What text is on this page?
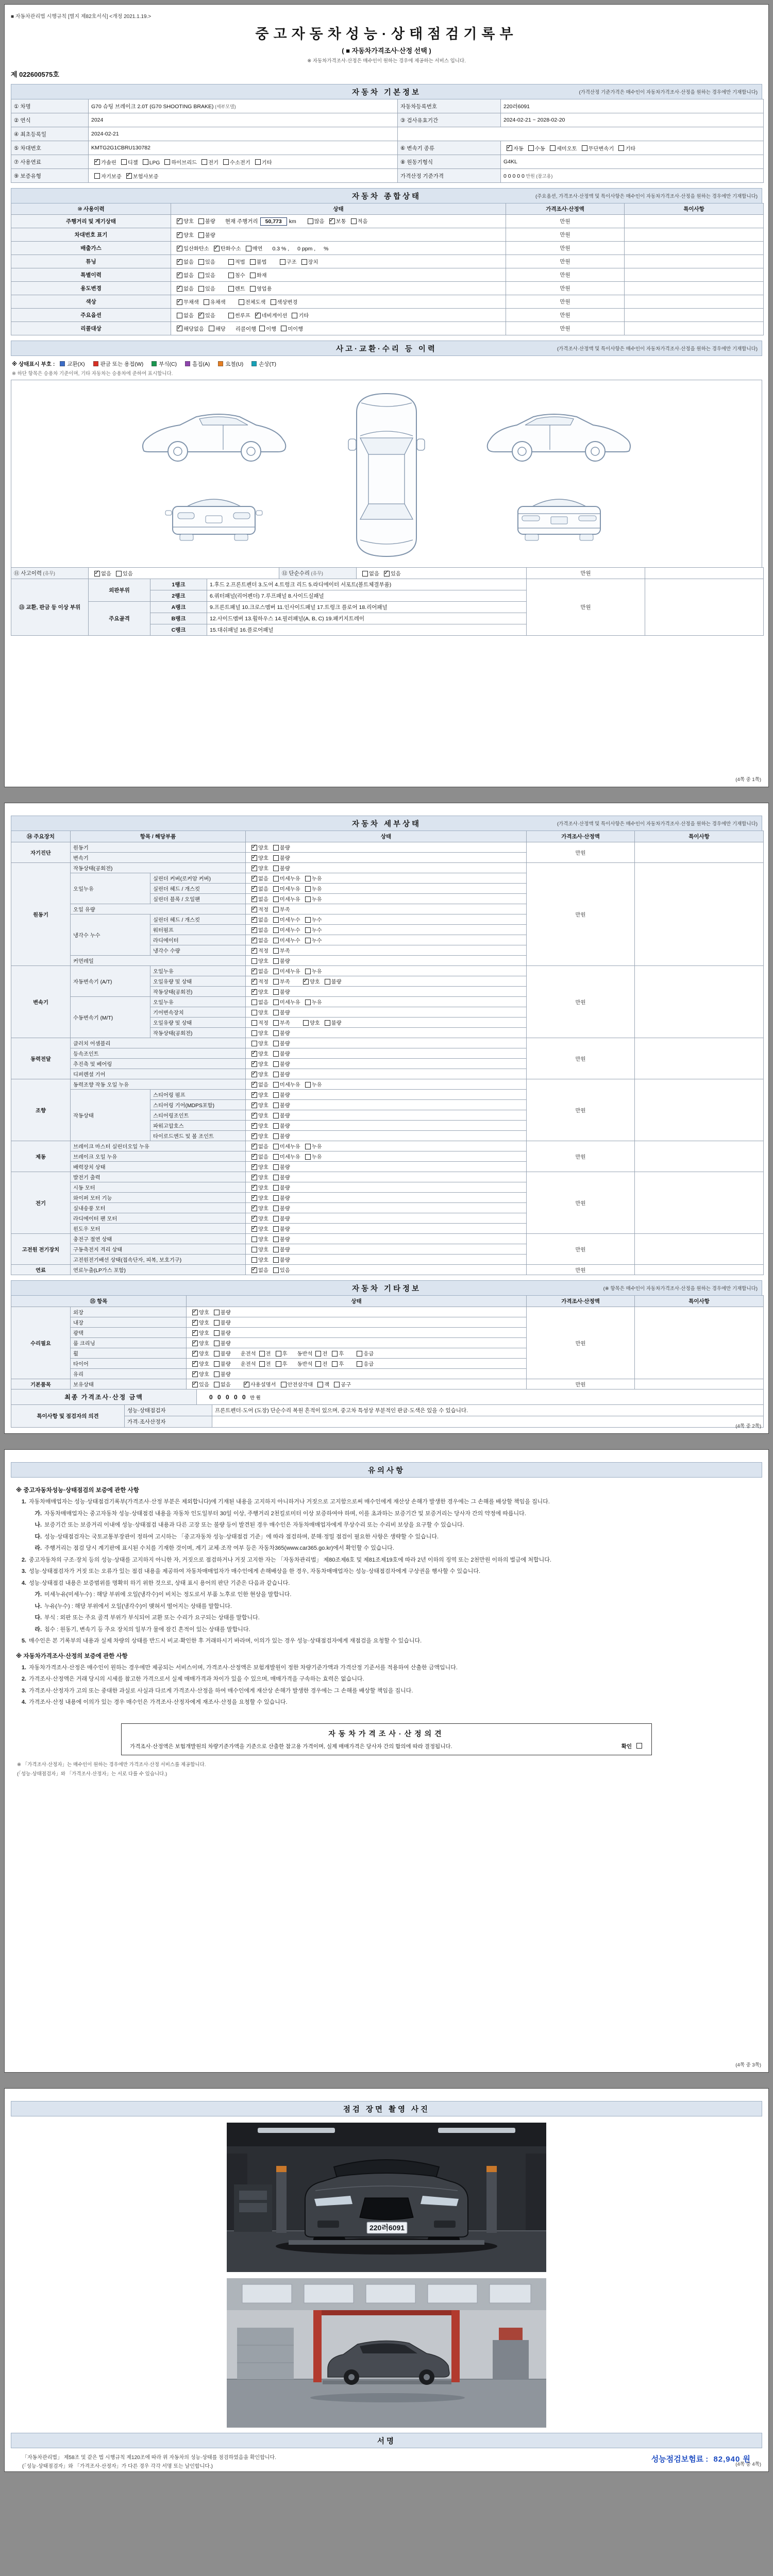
■ 자동차관리법 시행규칙 [별지 제82호서식] <개정 2021.1.19.>
중고자동차성능·상태점검기록부
( ■ 자동차가격조사·산정 선택 )
※ 자동차가격조사·산정은 매수인이 원하는 경우에 제공하는 서비스 입니다.
제 022600575호
자동차 기본정보	(가격산정 기준가격은 매수인이 자동차가격조사·산정을 원하는 경우에만 기재합니다)
① 차명	G70 슈팅 브레이크 2.0T (G70 SHOOTING BRAKE) (세부모델)	자동차등록번호	220러6091
② 연식	2024	③ 검사유효기간	2024-02-21 ~ 2028-02-20
④ 최초등록일	2024-02-21		
⑤ 차대번호	KMTG2G1CBRU130782	⑥ 변속기 종류	✓자동 수동 세미오토 무단변속기 기타
⑦ 사용연료	✓가솔린 디젤 LPG 하이브리드 전기 수소전기 기타	⑧ 원동기형식	G4KL
⑨ 보증유형	자기보증 ✓ 보험사보증	가격산정 기준가격	0 0 0 0 0 만원 (참고용)
자동차 종합상태	(주요옵션, 가격조사·산정액 및 특이사항은 매수인이 자동차가격조사·산정을 원하는 경우에만 기재합니다)
⑩ 사용이력	상태	가격조사·산정액	특이사항
주행거리 및 계기상태	✓양호 불량 현재 주행거리 50,773 km 많음 ✓ 보통 적음	만원	
차대번호 표기	✓양호 불량	만원	
배출가스	✓일산화탄소 ✓ 탄화수소 매연 0.3 % , 0 ppm , %	만원	
튜닝	✓없음 있음 적법 불법 구조 장치	만원	
특별이력	✓없음 있음 침수 화재	만원	
용도변경	✓없음 있음 렌트 영업용	만원	
색상	✓무채색 유채색 전체도색 색상변경	만원	
주요옵션	없음 ✓ 있음 썬루프 ✓ 네비게이션 기타	만원	
리콜대상	✓해당없음 해당 리콜이행 이행 미이행	만원	
사고·교환·수리 등 이력	(가격조사·산정액 및 특이사항은 매수인이 자동차가격조사·산정을 원하는 경우에만 기재합니다)
※ 상태표시 부호 :	교환(X)	판금 또는 용접(W)	부식(C)	흠집(A)	요철(U)	손상(T)
※ 하단 항목은 승용차 기준이며, 기타 자동차는 승용차에 준하여 표시합니다.
⑪ 사고이력 (유무)	✓없음 있음	⑫ 단순수리 (유무)	없음 ✓ 있음	만원	
⑬ 교환, 판금 등 이상 부위	외판부위	1랭크	1.후드 2.프론트펜더 3.도어 4.트렁크 리드 5.라디에이터 서포트(볼트체결부품)	만원	
		2랭크	6.쿼터패널(리어펜더) 7.루프패널 8.사이드실패널		
	주요골격	A랭크	9.프론트패널 10.크로스멤버 11.인사이드패널 17.트렁크 플로어 18.리어패널		
		B랭크	12.사이드멤버 13.휠하우스 14.필러패널(A, B, C) 19.패키지트레이		
		C랭크	15.대쉬패널 16.플로어패널		
(4쪽 중 1쪽)
자동차 세부상태	(가격조사·산정액 및 특이사항은 매수인이 자동차가격조사·산정을 원하는 경우에만 기재합니다)
⑭ 주요장치	항목 / 해당부품		상태	가격조사·산정액	특이사항
자기진단	원동기	✓양호 불량	만원	
	변속기	✓양호 불량
원동기	작동상태(공회전)	✓양호 불량	만원	
	오일누유	실린더 커버(로커암 커버)	✓없음 미세누유 누유
		실린더 헤드 / 개스킷	✓없음 미세누유 누유
		실린더 블록 / 오일팬	✓없음 미세누유 누유
	오일 유량	✓적정 부족
	냉각수 누수	실린더 헤드 / 개스킷	✓없음 미세누수 누수
		워터펌프	✓없음 미세누수 누수
		라디에이터	✓없음 미세누수 누수
		냉각수 수량	✓적정 부족
	커먼레일		양호 불량		
변속기	자동변속기 (A/T)	오일누유	✓없음 미세누유 누유	만원	
		오일유량 및 상태	✓적정 부족 ✓ 양호 불량
		작동상태(공회전)	✓양호 불량
	수동변속기 (M/T)	오일누유	없음 미세누유 누유		
		기어변속장치	양호 불량		
		오일유량 및 상태	적정 부족 양호 불량		
		작동상태(공회전)	양호 불량		
동력전달	클러치 어셈블리		양호 불량	만원	
	등속조인트	✓양호 불량
	추진축 및 베어링	✓양호 불량
	디퍼렌셜 기어	✓양호 불량
조향	동력조향 작동 오일 누유	✓없음 미세누유 누유	만원	
	작동상태	스티어링 펌프	✓양호 불량
		스티어링 기어(MDPS포함)	✓양호 불량
		스티어링조인트	✓양호 불량
		파워고압호스	✓양호 불량
		타이로드엔드 및 볼 조인트	✓양호 불량
제동	브레이크 마스터 실린더오일 누유	✓없음 미세누유 누유	만원	
	브레이크 오일 누유	✓없음 미세누유 누유
	배력장치 상태	✓양호 불량
전기	발전기 출력	✓양호 불량	만원	
	시동 모터	✓양호 불량
	와이퍼 모터 기능	✓양호 불량
	실내송풍 모터	✓양호 불량
	라디에이터 팬 모터	✓양호 불량
	윈도우 모터	✓양호 불량
고전원 전기장치	충전구 절연 상태		양호 불량	만원	
	구동축전지 격리 상태		양호 불량		
	고전원전기배선 상태(접속단자, 피복, 보호기구)		양호 불량		
연료	연료누출(LP가스 포함)	✓없음 있음	만원	
자동차 기타정보	(※ 항목은 매수인이 자동차가격조사·산정을 원하는 경우에만 기재합니다)
⑮ 항목		상태	가격조사·산정액	특이사항
수리필요	외장	✓양호 불량	만원	
	내장	✓양호 불량
	광택	✓양호 불량
	룸 크리닝	✓양호 불량
	휠	✓양호 불량 운전석 전 후 동반석 전 후 응급
	타이어	✓양호 불량 운전석 전 후 동반석 전 후 응급
	유리	✓양호 불량
기본품목	보유상태	✓있음 없음 ✓ 사용설명서 안전삼각대 잭 공구	만원	
최종 가격조사·산정 금액	0 0 0 0 0 만원
특이사항 및 점검자의 의견	성능·상태점검자	프론트펜더·도어 (도장) 단순수리 복원 흔적이 있으며, 중고차 특성상 부분적인 판금·도색은 있을 수 있습니다.
	가격·조사산정자	
(4쪽 중 2쪽)
유의사항
※ 중고자동차성능·상태점검의 보증에 관한 사항
1. 자동차매매업자는 성능·상태점검기록부(가격조사·산정 부분은 제외합니다)에 기재된 내용을 고지하지 아니하거나 거짓으로 고지함으로써 매수인에게 재산상 손해가 발생한 경우에는 그 손해를 배상할 책임을 집니다.
가. 자동차매매업자는 중고자동차 성능·상태점검 내용을 자동차 인도일부터 30일 이상, 주행거리 2천킬로미터 이상 보증하여야 하며, 이를 초과하는 보증기간 및 보증거리는 당사자 간의 약정에 따릅니다.
나. 보증기간 또는 보증거리 이내에 성능·상태점검 내용과 다른 고장 또는 불량 등이 발견된 경우 매수인은 자동차매매업자에게 무상수리 또는 수리비 보상을 요구할 수 있습니다.
다. 성능·상태점검자는 국토교통부장관이 정하여 고시하는 「중고자동차 성능·상태점검 기준」에 따라 점검하며, 분해·정밀 점검이 필요한 사항은 생략할 수 있습니다.
라. 주행거리는 점검 당시 계기판에 표시된 수치를 기재한 것이며, 계기 교체·조작 여부 등은 자동차365(www.car365.go.kr)에서 확인할 수 있습니다.
2. 중고자동차의 구조·장치 등의 성능·상태를 고지하지 아니한 자, 거짓으로 점검하거나 거짓 고지한 자는 「자동차관리법」 제80조제6호 및 제81조제19호에 따라 2년 이하의 징역 또는 2천만원 이하의 벌금에 처합니다.
3. 성능·상태점검자가 거짓 또는 오류가 있는 점검 내용을 제공하여 자동차매매업자가 매수인에게 손해배상을 한 경우, 자동차매매업자는 성능·상태점검자에게 구상권을 행사할 수 있습니다.
4. 성능·상태점검 내용은 보증범위를 명확히 하기 위한 것으로, 상태 표시 용어의 판단 기준은 다음과 같습니다.
가. 미세누유(미세누수) : 해당 부위에 오일(냉각수)이 비치는 정도로서 부품 노후로 인한 현상을 말합니다.
나. 누유(누수) : 해당 부위에서 오일(냉각수)이 맺혀서 떨어지는 상태를 말합니다.
다. 부식 : 외판 또는 주요 골격 부위가 부식되어 교환 또는 수리가 요구되는 상태를 말합니다.
라. 침수 : 원동기, 변속기 등 주요 장치의 일부가 물에 잠긴 흔적이 있는 상태를 말합니다.
5. 매수인은 본 기록부의 내용과 실제 차량의 상태를 반드시 비교·확인한 후 거래하시기 바라며, 이의가 있는 경우 성능·상태점검자에게 재점검을 요청할 수 있습니다.
※ 자동차가격조사·산정의 보증에 관한 사항
1. 자동차가격조사·산정은 매수인이 원하는 경우에만 제공되는 서비스이며, 가격조사·산정액은 보험개발원이 정한 차량기준가액과 가격산정 기준서를 적용하여 산출한 금액입니다.
2. 가격조사·산정액은 거래 당시의 시세를 참고한 가격으로서 실제 매매가격과 차이가 있을 수 있으며, 매매가격을 구속하는 효력은 없습니다.
3. 가격조사·산정자가 고의 또는 중대한 과실로 사실과 다르게 가격조사·산정을 하여 매수인에게 재산상 손해가 발생한 경우에는 그 손해를 배상할 책임을 집니다.
4. 가격조사·산정 내용에 이의가 있는 경우 매수인은 가격조사·산정자에게 재조사·산정을 요청할 수 있습니다.
자동차가격조사·산정의견
가격조사·산정액은 보험개발원의 차량기준가액을 기준으로 산출한 참고용 가격이며, 실제 매매가격은 당사자 간의 합의에 따라 결정됩니다.	확인
※ 「가격조사·산정자」는 매수인이 원하는 경우에만 가격조사·산정 서비스를 제공합니다.
(「성능·상태점검자」와 「가격조사·산정자」는 서로 다를 수 있습니다.)
(4쪽 중 3쪽)
점검 장면 촬영 사진
220러6091
서명
「자동차관리법」 제58조 및 같은 법 시행규칙 제120조에 따라 위 자동차의 성능·상태를 점검하였음을 확인합니다.
(「성능·상태점검자」와 「가격조사·산정자」가 다른 경우 각각 서명 또는 날인합니다.)
성능점검보험료 : 82,940 원
(4쪽 중 4쪽)
